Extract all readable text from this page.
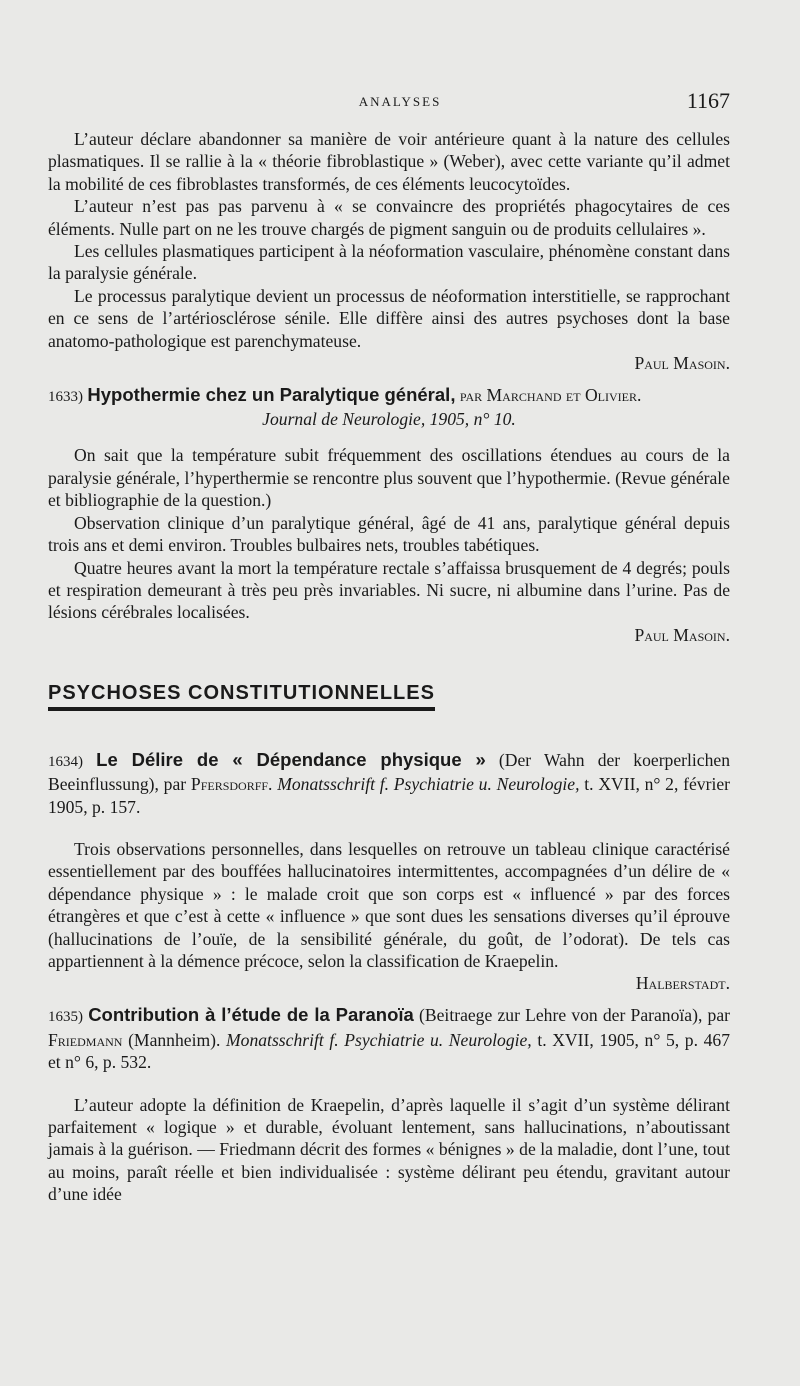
ANALYSES	1167

L’auteur déclare abandonner sa manière de voir antérieure quant à la nature des cellules plasmatiques. Il se rallie à la « théorie fibroblastique » (Weber), avec cette variante qu’il admet la mobilité de ces fibroblastes transformés, de ces éléments leucocytoïdes.

L’auteur n’est pas pas parvenu à « se convaincre des propriétés phagocytaires de ces éléments. Nulle part on ne les trouve chargés de pigment sanguin ou de produits cellulaires ».

Les cellules plasmatiques participent à la néoformation vasculaire, phénomène constant dans la paralysie générale.

Le processus paralytique devient un processus de néoformation interstitielle, se rapprochant en ce sens de l’artériosclérose sénile. Elle diffère ainsi des autres psychoses dont la base anatomo-pathologique est parenchymateuse.

Paul Masoin.

1633) Hypothermie chez un Paralytique général, par Marchand et Olivier.

Journal de Neurologie, 1905, n° 10.

On sait que la température subit fréquemment des oscillations étendues au cours de la paralysie générale, l’hyperthermie se rencontre plus souvent que l’hypothermie. (Revue générale et bibliographie de la question.)

Observation clinique d’un paralytique général, âgé de 41 ans, paralytique général depuis trois ans et demi environ. Troubles bulbaires nets, troubles tabétiques.

Quatre heures avant la mort la température rectale s’affaissa brusquement de 4 degrés; pouls et respiration demeurant à très peu près invariables. Ni sucre, ni albumine dans l’urine. Pas de lésions cérébrales localisées.

Paul Masoin.

PSYCHOSES CONSTITUTIONNELLES

1634) Le Délire de « Dépendance physique » (Der Wahn der koerperlichen Beeinflussung), par Pfersdorff. Monatsschrift f. Psychiatrie u. Neurologie, t. XVII, n° 2, février 1905, p. 157.

Trois observations personnelles, dans lesquelles on retrouve un tableau clinique caractérisé essentiellement par des bouffées hallucinatoires intermittentes, accompagnées d’un délire de « dépendance physique » : le malade croit que son corps est « influencé » par des forces étrangères et que c’est à cette « influence » que sont dues les sensations diverses qu’il éprouve (hallucinations de l’ouïe, de la sensibilité générale, du goût, de l’odorat). De tels cas appartiennent à la démence précoce, selon la classification de Kraepelin.

Halberstadt.

1635) Contribution à l’étude de la Paranoïa (Beitraege zur Lehre von der Paranoïa), par Friedmann (Mannheim). Monatsschrift f. Psychiatrie u. Neurologie, t. XVII, 1905, n° 5, p. 467 et n° 6, p. 532.

L’auteur adopte la définition de Kraepelin, d’après laquelle il s’agit d’un système délirant parfaitement « logique » et durable, évoluant lentement, sans hallucinations, n’aboutissant jamais à la guérison. — Friedmann décrit des formes « bénignes » de la maladie, dont l’une, tout au moins, paraît réelle et bien individualisée : système délirant peu étendu, gravitant autour d’une idée
